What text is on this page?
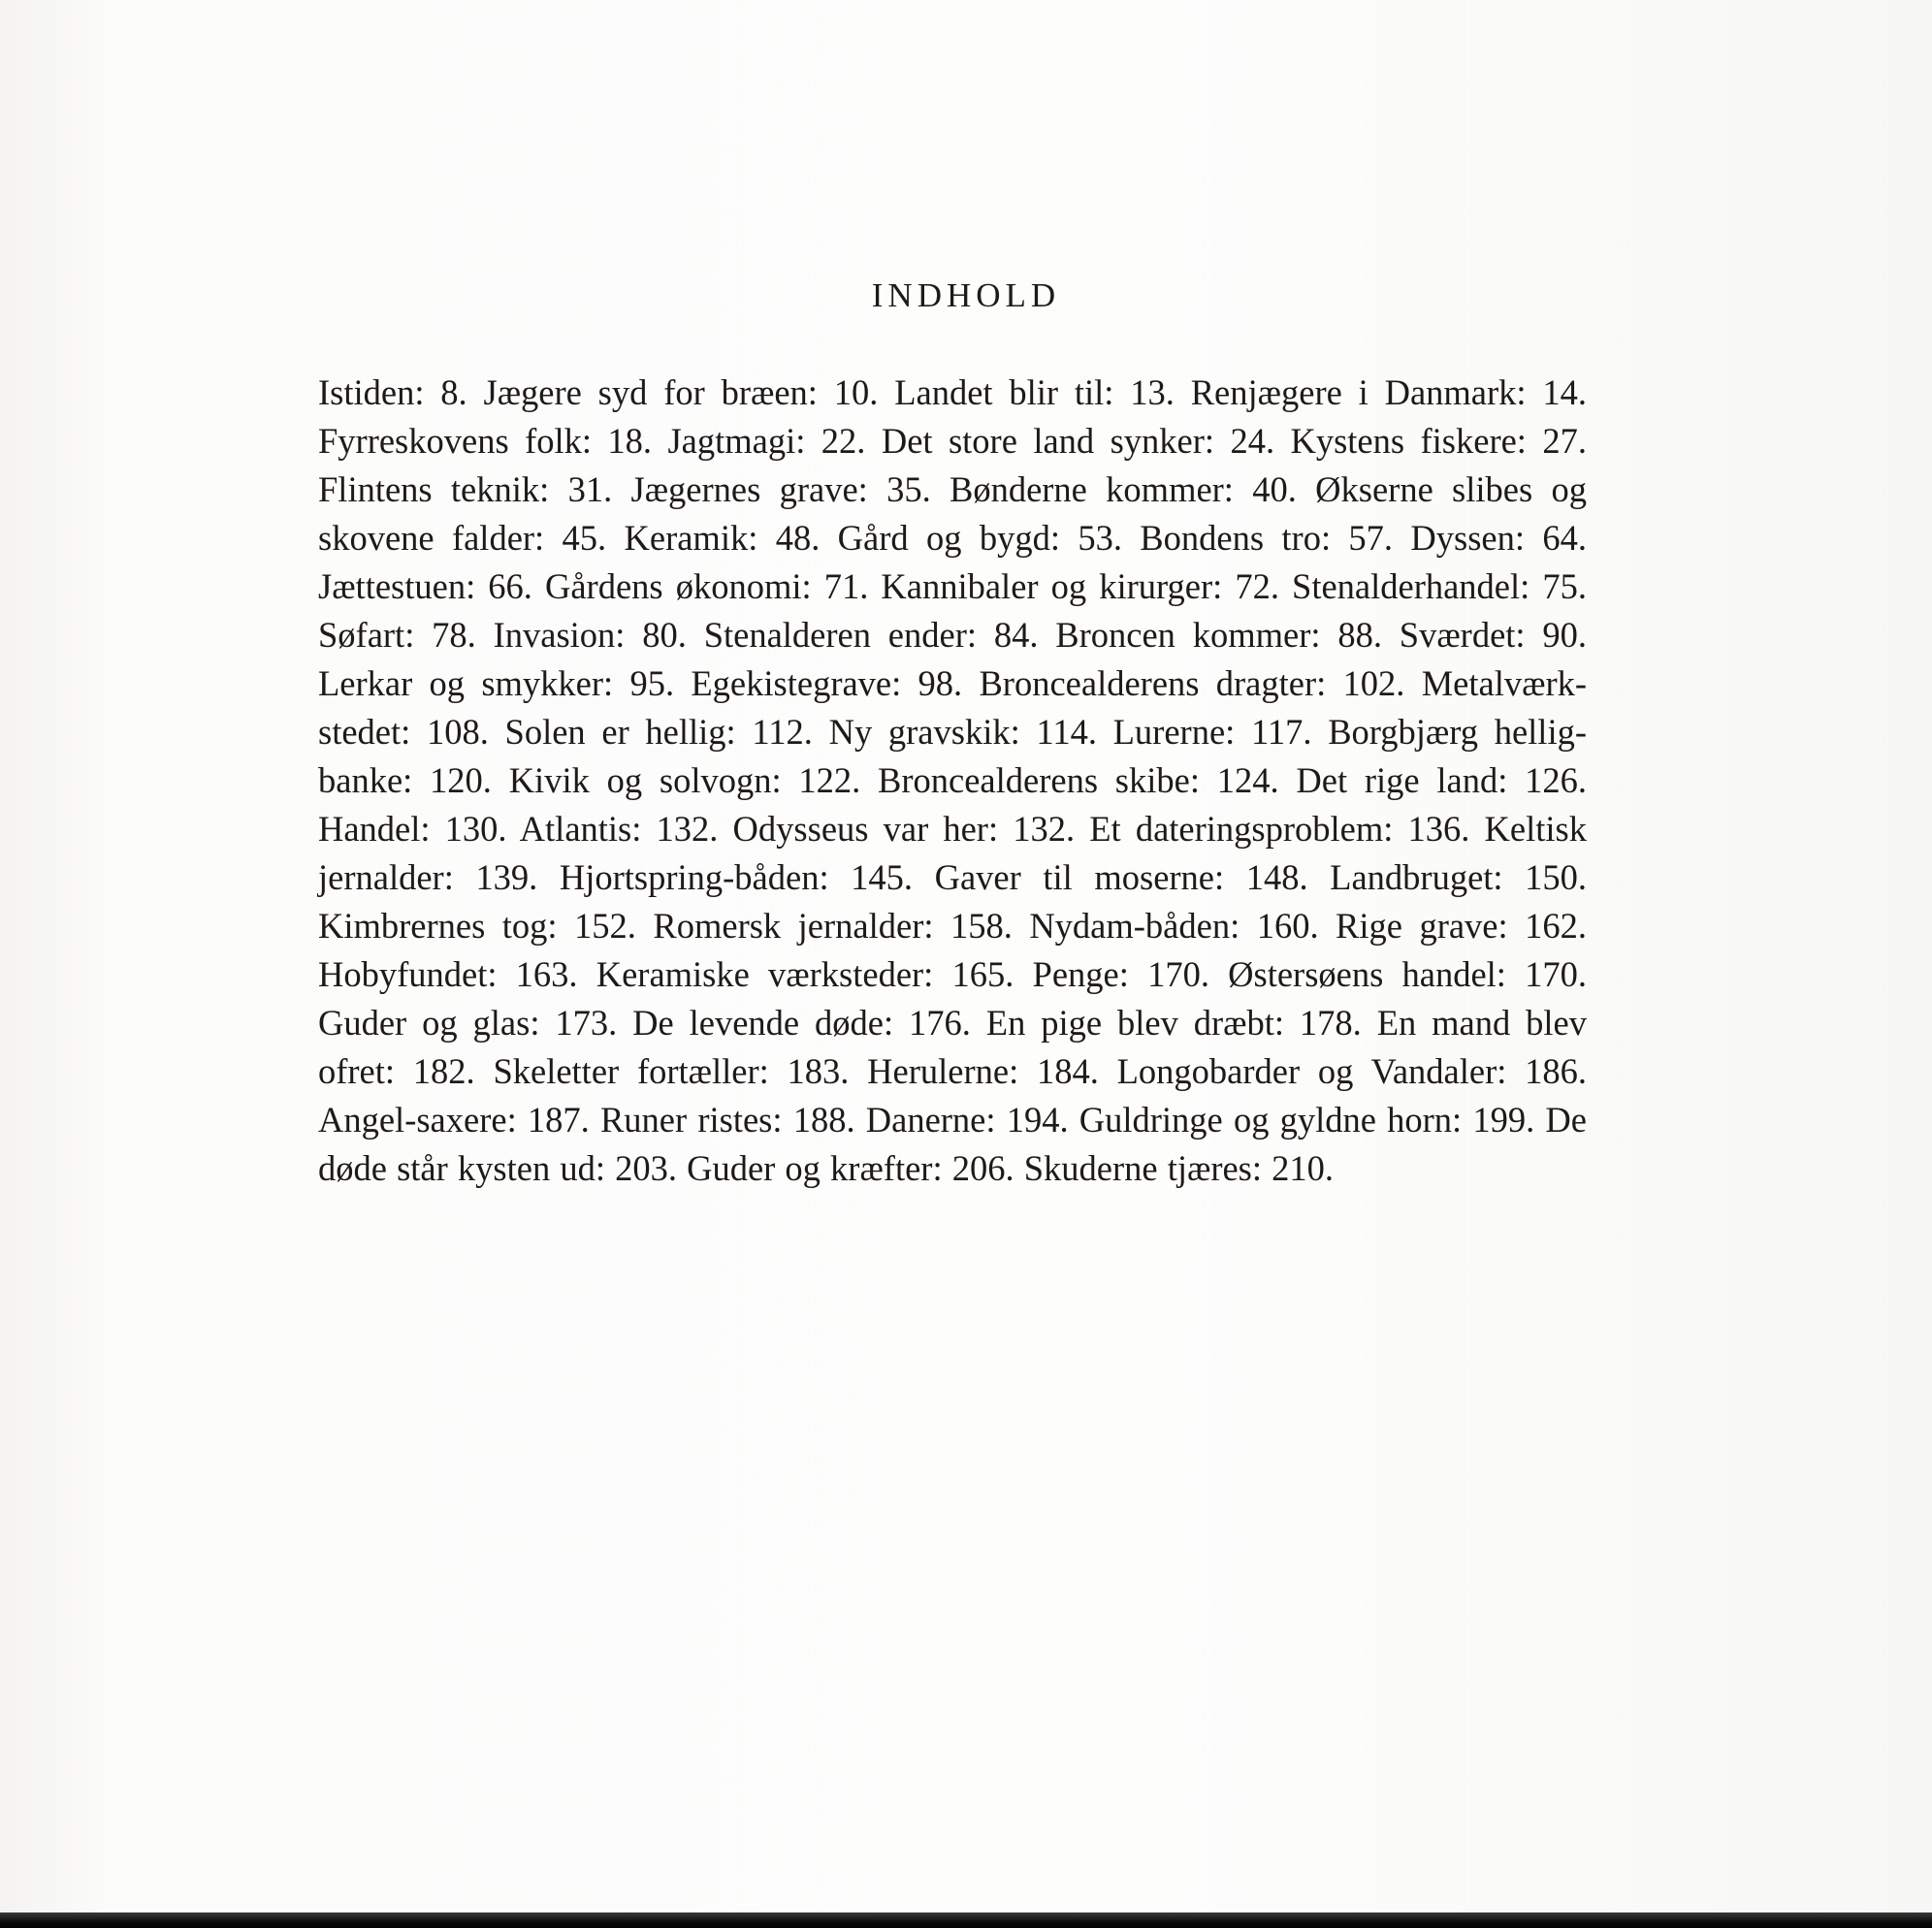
INDHOLD

Istiden: 8. Jægere syd for bræen: 10. Landet blir til: 13. Renjægere i Danmark: 14. Fyrreskovens folk: 18. Jagtmagi: 22. Det store land synker: 24. Kystens fiskere: 27. Flintens teknik: 31. Jægernes grave: 35. Bønderne kommer: 40. Økserne slibes og skovene falder: 45. Keramik: 48. Gård og bygd: 53. Bondens tro: 57. Dyssen: 64. Jættestuen: 66. Gårdens økonomi: 71. Kannibaler og kirurger: 72. Stenalderhandel: 75. Søfart: 78. Invasion: 80. Stenalderen ender: 84. Broncen kommer: 88. Sværdet: 90. Lerkar og smykker: 95. Egekistegrave: 98. Broncealderens dragter: 102. Metalværkstedet: 108. Solen er hellig: 112. Ny gravskik: 114. Lurerne: 117. Borgbjærg helligbanke: 120. Kivik og solvogn: 122. Broncealderens skibe: 124. Det rige land: 126. Handel: 130. Atlantis: 132. Odysseus var her: 132. Et dateringsproblem: 136. Keltisk jernalder: 139. Hjortspring-båden: 145. Gaver til moserne: 148. Landbruget: 150. Kimbrernes tog: 152. Romersk jernalder: 158. Nydam-båden: 160. Rige grave: 162. Hobyfundet: 163. Keramiske værksteder: 165. Penge: 170. Østersøens handel: 170. Guder og glas: 173. De levende døde: 176. En pige blev dræbt: 178. En mand blev ofret: 182. Skeletter fortæller: 183. Herulerne: 184. Longobarder og Vandaler: 186. Angel-saxere: 187. Runer ristes: 188. Danerne: 194. Guldringe og gyldne horn: 199. De døde står kysten ud: 203. Guder og kræfter: 206. Skuderne tjæres: 210.
